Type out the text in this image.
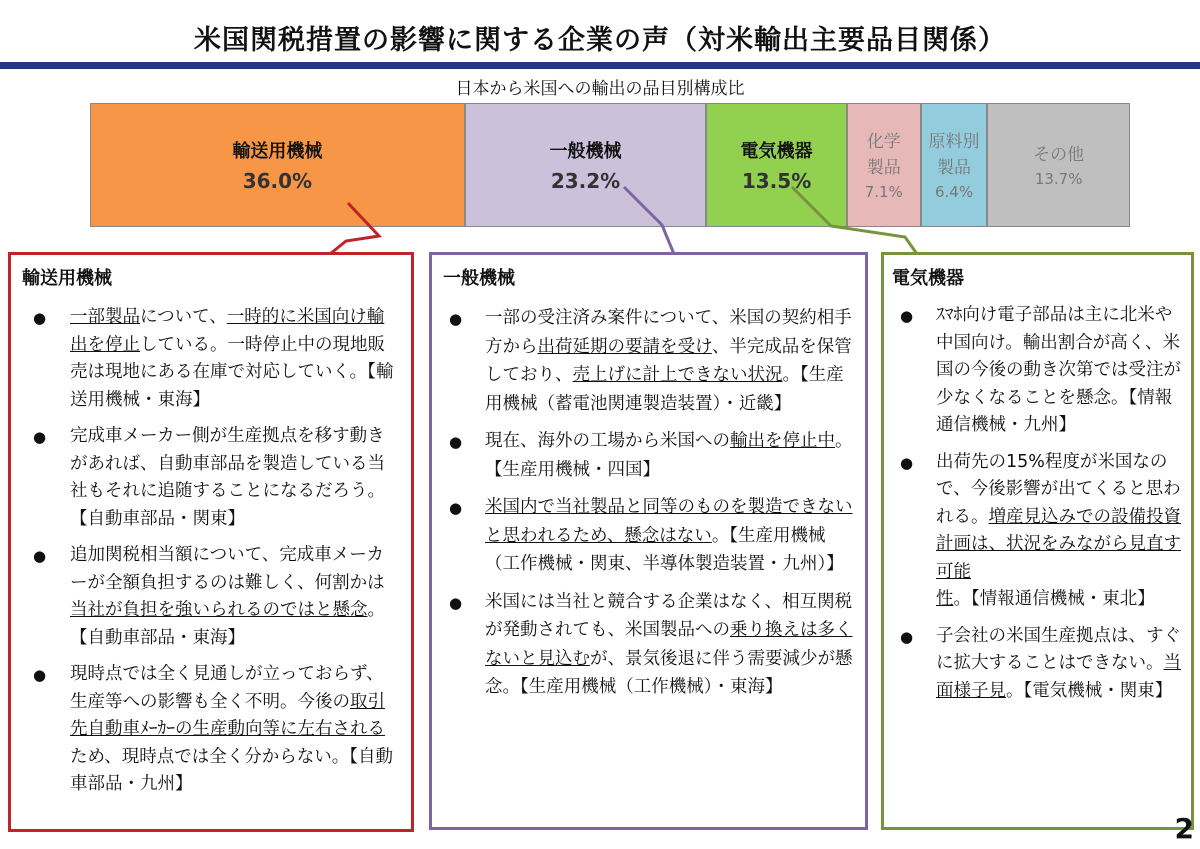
米国関税措置の影響に関する企業の声（対米輸出主要品目関係）
日本から米国への輸出の品目別構成比
輸送用機械
36.0%
一般機械
23.2%
電気機器
13.5%
化学
製品
7.1%
原料別
製品
6.4%
その他
13.7%
輸送用機械
● 一部製品について、一時的に米国向け輸出を停止している。一時停止中の現地販売は現地にある在庫で対応していく。【輸送用機械・東海】
● 完成車メーカー側が生産拠点を移す動きがあれば、自動車部品を製造している当社もそれに追随することになるだろう。【自動車部品・関東】
● 追加関税相当額について、完成車メーカーが全額負担するのは難しく、何割かは当社が負担を強いられるのではと懸念。【自動車部品・東海】
● 現時点では全く見通しが立っておらず、生産等への影響も全く不明。今後の取引先自動車ﾒｰｶｰの生産動向等に左右されるため、現時点では全く分からない。【自動車部品・九州】
一般機械
● 一部の受注済み案件について、米国の契約相手方から出荷延期の要請を受け、半完成品を保管しており、売上げに計上できない状況。【生産用機械（蓄電池関連製造装置）・近畿】
● 現在、海外の工場から米国への輸出を停止中。【生産用機械・四国】
● 米国内で当社製品と同等のものを製造できないと思われるため、懸念はない。【生産用機械（工作機械・関東、半導体製造装置・九州）】
● 米国には当社と競合する企業はなく、相互関税が発動されても、米国製品への乗り換えは多くないと見込むが、景気後退に伴う需要減少が懸念。【生産用機械（工作機械）・東海】
電気機器
● ｽﾏﾎ向け電子部品は主に北米や中国向け。輸出割合が高く、米国の今後の動き次第では受注が少なくなることを懸念。【情報通信機械・九州】
● 出荷先の15%程度が米国なので、今後影響が出てくると思われる。増産見込みでの設備投資計画は、状況をみながら見直す可能性。【情報通信機械・東北】
● 子会社の米国生産拠点は、すぐに拡大することはできない。当面様子見。【電気機械・関東】
2
